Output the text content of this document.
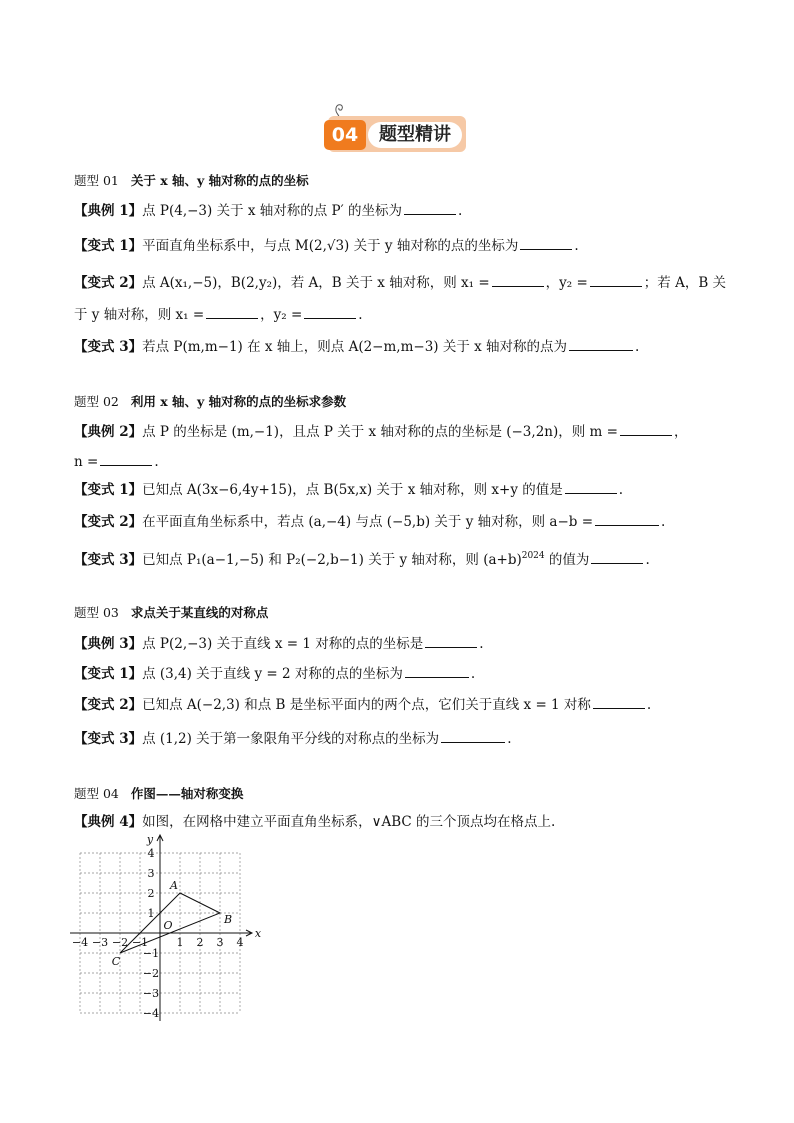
04	题型精讲
题型 01 关于 x 轴、y 轴对称的点的坐标
【典例 1】点 P(4,−3) 关于 x 轴对称的点 P′ 的坐标为	.
【变式 1】平面直角坐标系中，与点 M(2,√3) 关于 y 轴对称的点的坐标为	.
【变式 2】点 A(x₁,−5)，B(2,y₂)，若 A，B 关于 x 轴对称，则 x₁ =	，y₂ =	；若 A，B 关
于 y 轴对称，则 x₁ =	，y₂ =	.
【变式 3】若点 P(m,m−1) 在 x 轴上，则点 A(2−m,m−3) 关于 x 轴对称的点为	.
题型 02 利用 x 轴、y 轴对称的点的坐标求参数
【典例 2】点 P 的坐标是 (m,−1)，且点 P 关于 x 轴对称的点的坐标是 (−3,2n)，则 m =	，
n =	.
【变式 1】已知点 A(3x−6,4y+15)，点 B(5x,x) 关于 x 轴对称，则 x+y 的值是	.
【变式 2】在平面直角坐标系中，若点 (a,−4) 与点 (−5,b) 关于 y 轴对称，则 a−b =	.
【变式 3】已知点 P₁(a−1,−5) 和 P₂(−2,b−1) 关于 y 轴对称，则 $(a+b)^{2024}$ 的值为	.
题型 03 求点关于某直线的对称点
【典例 3】点 P(2,−3) 关于直线 x = 1 对称的点的坐标是	.
【变式 1】点 (3,4) 关于直线 y = 2 对称的点的坐标为	.
【变式 2】已知点 A(−2,3) 和点 B 是坐标平面内的两个点，它们关于直线 x = 1 对称	.
【变式 3】点 (1,2) 关于第一象限角平分线的对称点的坐标为	.
题型 04 作图——轴对称变换
【典例 4】如图，在网格中建立平面直角坐标系，∨ABC 的三个顶点均在格点上.
−4 −3 −2 −1	1 2 3 4
4
3
2
1
−1
−2
−3
−4
x
y
O
A
B
C
